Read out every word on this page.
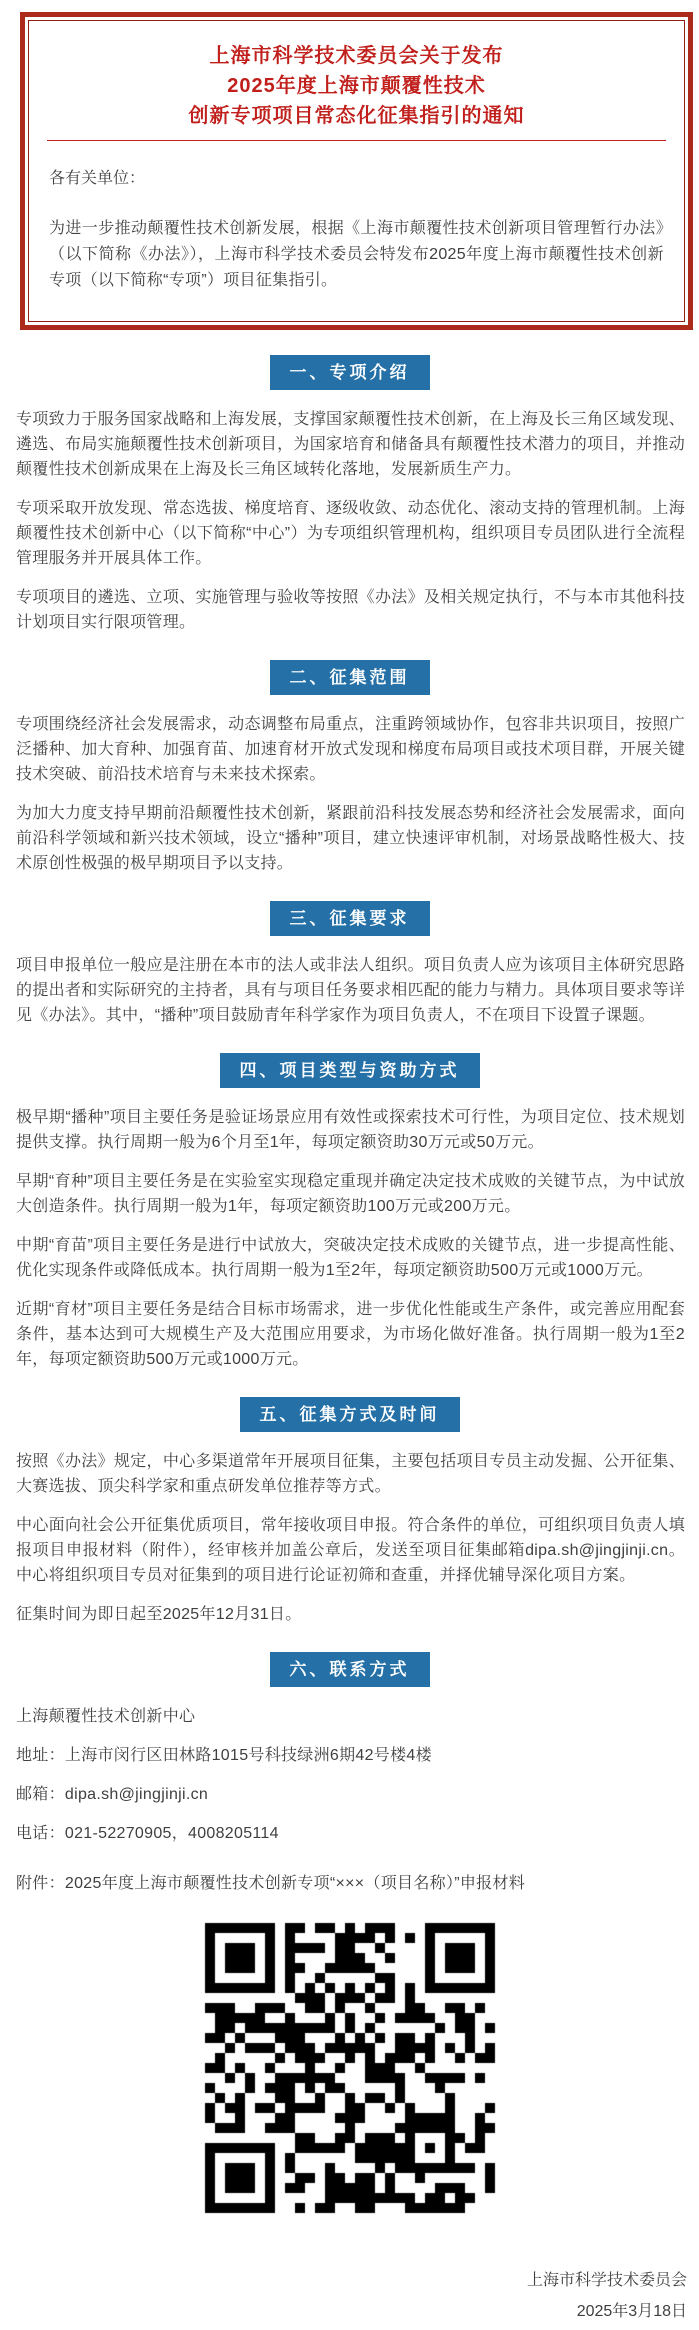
上海市科学技术委员会关于发布
2025年度上海市颠覆性技术
创新专项项目常态化征集指引的通知

各有关单位：

为进一步推动颠覆性技术创新发展，根据《上海市颠覆性技术创新项目管理暂行办法》（以下简称《办法》），上海市科学技术委员会特发布2025年度上海市颠覆性技术创新专项（以下简称“专项”）项目征集指引。

一、专项介绍

专项致力于服务国家战略和上海发展，支撑国家颠覆性技术创新，在上海及长三角区域发现、遴选、布局实施颠覆性技术创新项目，为国家培育和储备具有颠覆性技术潜力的项目，并推动颠覆性技术创新成果在上海及长三角区域转化落地，发展新质生产力。

专项采取开放发现、常态选拔、梯度培育、逐级收敛、动态优化、滚动支持的管理机制。上海颠覆性技术创新中心（以下简称“中心”）为专项组织管理机构，组织项目专员团队进行全流程管理服务并开展具体工作。

专项项目的遴选、立项、实施管理与验收等按照《办法》及相关规定执行，不与本市其他科技计划项目实行限项管理。

二、征集范围

专项围绕经济社会发展需求，动态调整布局重点，注重跨领域协作，包容非共识项目，按照广泛播种、加大育种、加强育苗、加速育材开放式发现和梯度布局项目或技术项目群，开展关键技术突破、前沿技术培育与未来技术探索。

为加大力度支持早期前沿颠覆性技术创新，紧跟前沿科技发展态势和经济社会发展需求，面向前沿科学领域和新兴技术领域，设立“播种”项目，建立快速评审机制，对场景战略性极大、技术原创性极强的极早期项目予以支持。

三、征集要求

项目申报单位一般应是注册在本市的法人或非法人组织。项目负责人应为该项目主体研究思路的提出者和实际研究的主持者，具有与项目任务要求相匹配的能力与精力。具体项目要求等详见《办法》。其中，“播种”项目鼓励青年科学家作为项目负责人，不在项目下设置子课题。

四、项目类型与资助方式

极早期“播种”项目主要任务是验证场景应用有效性或探索技术可行性，为项目定位、技术规划提供支撑。执行周期一般为6个月至1年，每项定额资助30万元或50万元。

早期“育种”项目主要任务是在实验室实现稳定重现并确定决定技术成败的关键节点，为中试放大创造条件。执行周期一般为1年，每项定额资助100万元或200万元。

中期“育苗”项目主要任务是进行中试放大，突破决定技术成败的关键节点，进一步提高性能、优化实现条件或降低成本。执行周期一般为1至2年，每项定额资助500万元或1000万元。

近期“育材”项目主要任务是结合目标市场需求，进一步优化性能或生产条件，或完善应用配套条件，基本达到可大规模生产及大范围应用要求，为市场化做好准备。执行周期一般为1至2年，每项定额资助500万元或1000万元。

五、征集方式及时间

按照《办法》规定，中心多渠道常年开展项目征集，主要包括项目专员主动发掘、公开征集、大赛选拔、顶尖科学家和重点研发单位推荐等方式。

中心面向社会公开征集优质项目，常年接收项目申报。符合条件的单位，可组织项目负责人填报项目申报材料（附件），经审核并加盖公章后，发送至项目征集邮箱dipa.sh@jingjinji.cn。中心将组织项目专员对征集到的项目进行论证初筛和查重，并择优辅导深化项目方案。

征集时间为即日起至2025年12月31日。

六、联系方式

上海颠覆性技术创新中心

地址：上海市闵行区田林路1015号科技绿洲6期42号楼4楼

邮箱：dipa.sh@jingjinji.cn

电话：021-52270905，4008205114

附件：2025年度上海市颠覆性技术创新专项“×××（项目名称）”申报材料

上海市科学技术委员会

2025年3月18日
